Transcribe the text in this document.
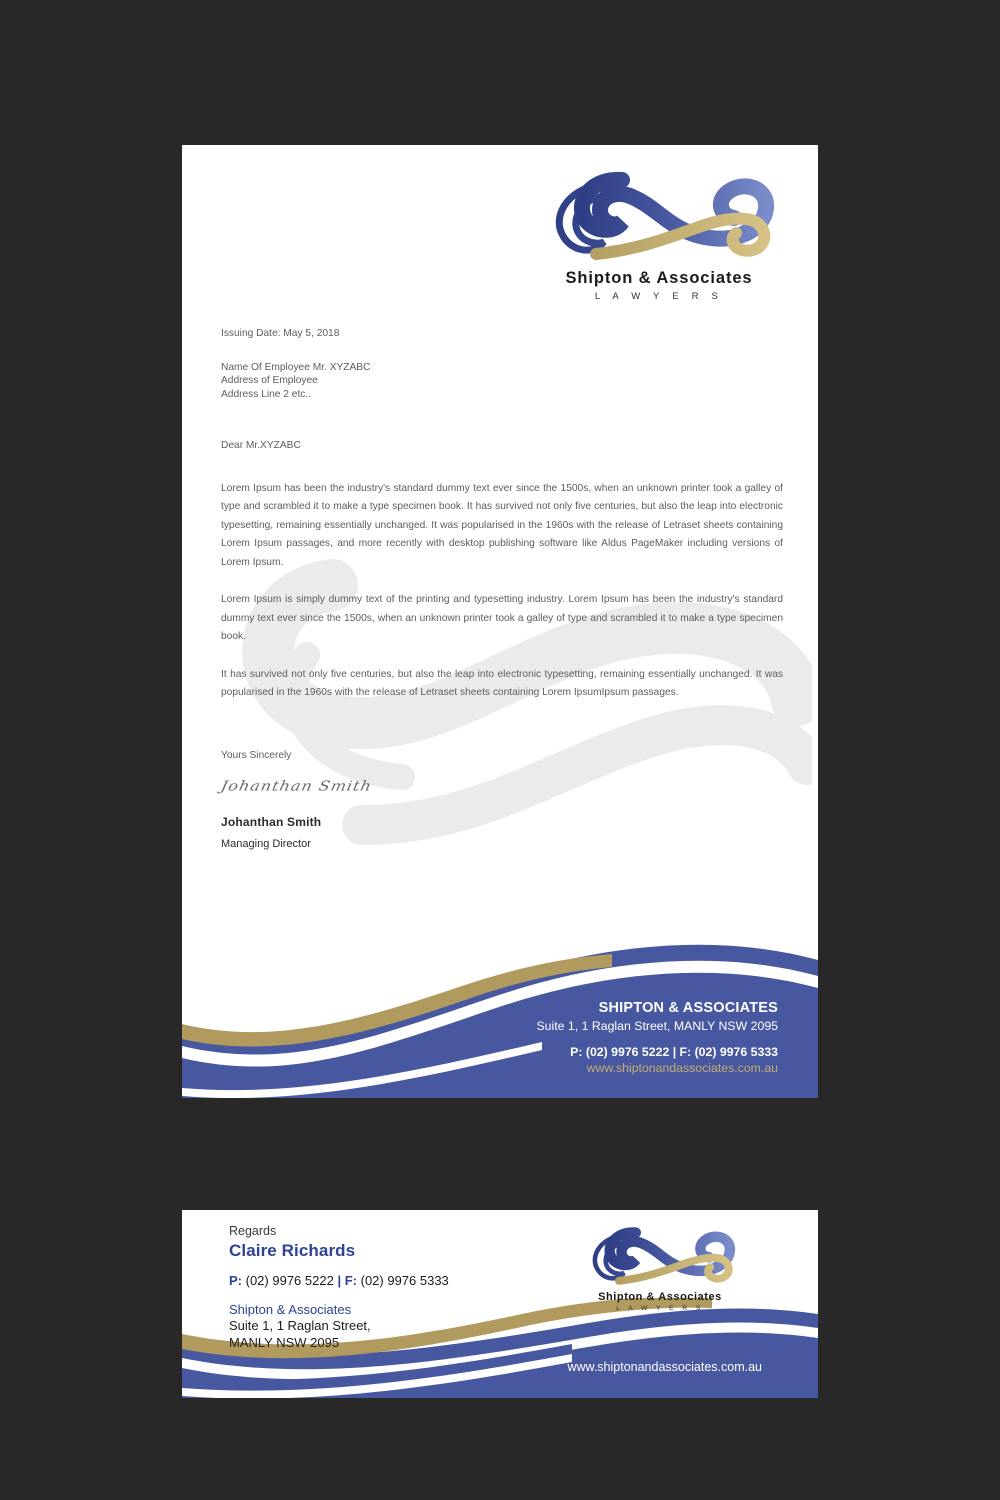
Shipton & Associates
L A W Y E R S
Issuing Date: May 5, 2018
Name Of Employee Mr. XYZABC
Address of Employee
Address Line 2 etc..
Dear Mr.XYZABC
Lorem Ipsum has been the industry's standard dummy text ever since the 1500s, when an unknown printer took a galley of type and scrambled it to make a type specimen book. It has survived not only five centuries, but also the leap into electronic typesetting, remaining essentially unchanged. It was popularised in the 1960s with the release of Letraset sheets containing Lorem Ipsum passages, and more recently with desktop publishing software like Aldus PageMaker including versions of Lorem Ipsum.
Lorem Ipsum is simply dummy text of the printing and typesetting industry. Lorem Ipsum has been the industry's standard dummy text ever since the 1500s, when an unknown printer took a galley of type and scrambled it to make a type specimen book.
It has survived not only five centuries, but also the leap into electronic typesetting, remaining essentially unchanged. It was popularised in the 1960s with the release of Letraset sheets containing Lorem IpsumIpsum passages.
Yours Sincerely
Johanthan Smith
Johanthan Smith
Managing Director
SHIPTON & ASSOCIATES
Suite 1, 1 Raglan Street, MANLY NSW 2095
P: (02) 9976 5222 | F: (02) 9976 5333
www.shiptonandassociates.com.au
Regards
Claire Richards
P: (02) 9976 5222 | F: (02) 9976 5333
Shipton & Associates
Suite 1, 1 Raglan Street,
MANLY NSW 2095
Shipton & Associates
L A W Y E R S
www.shiptonandassociates.com.au
